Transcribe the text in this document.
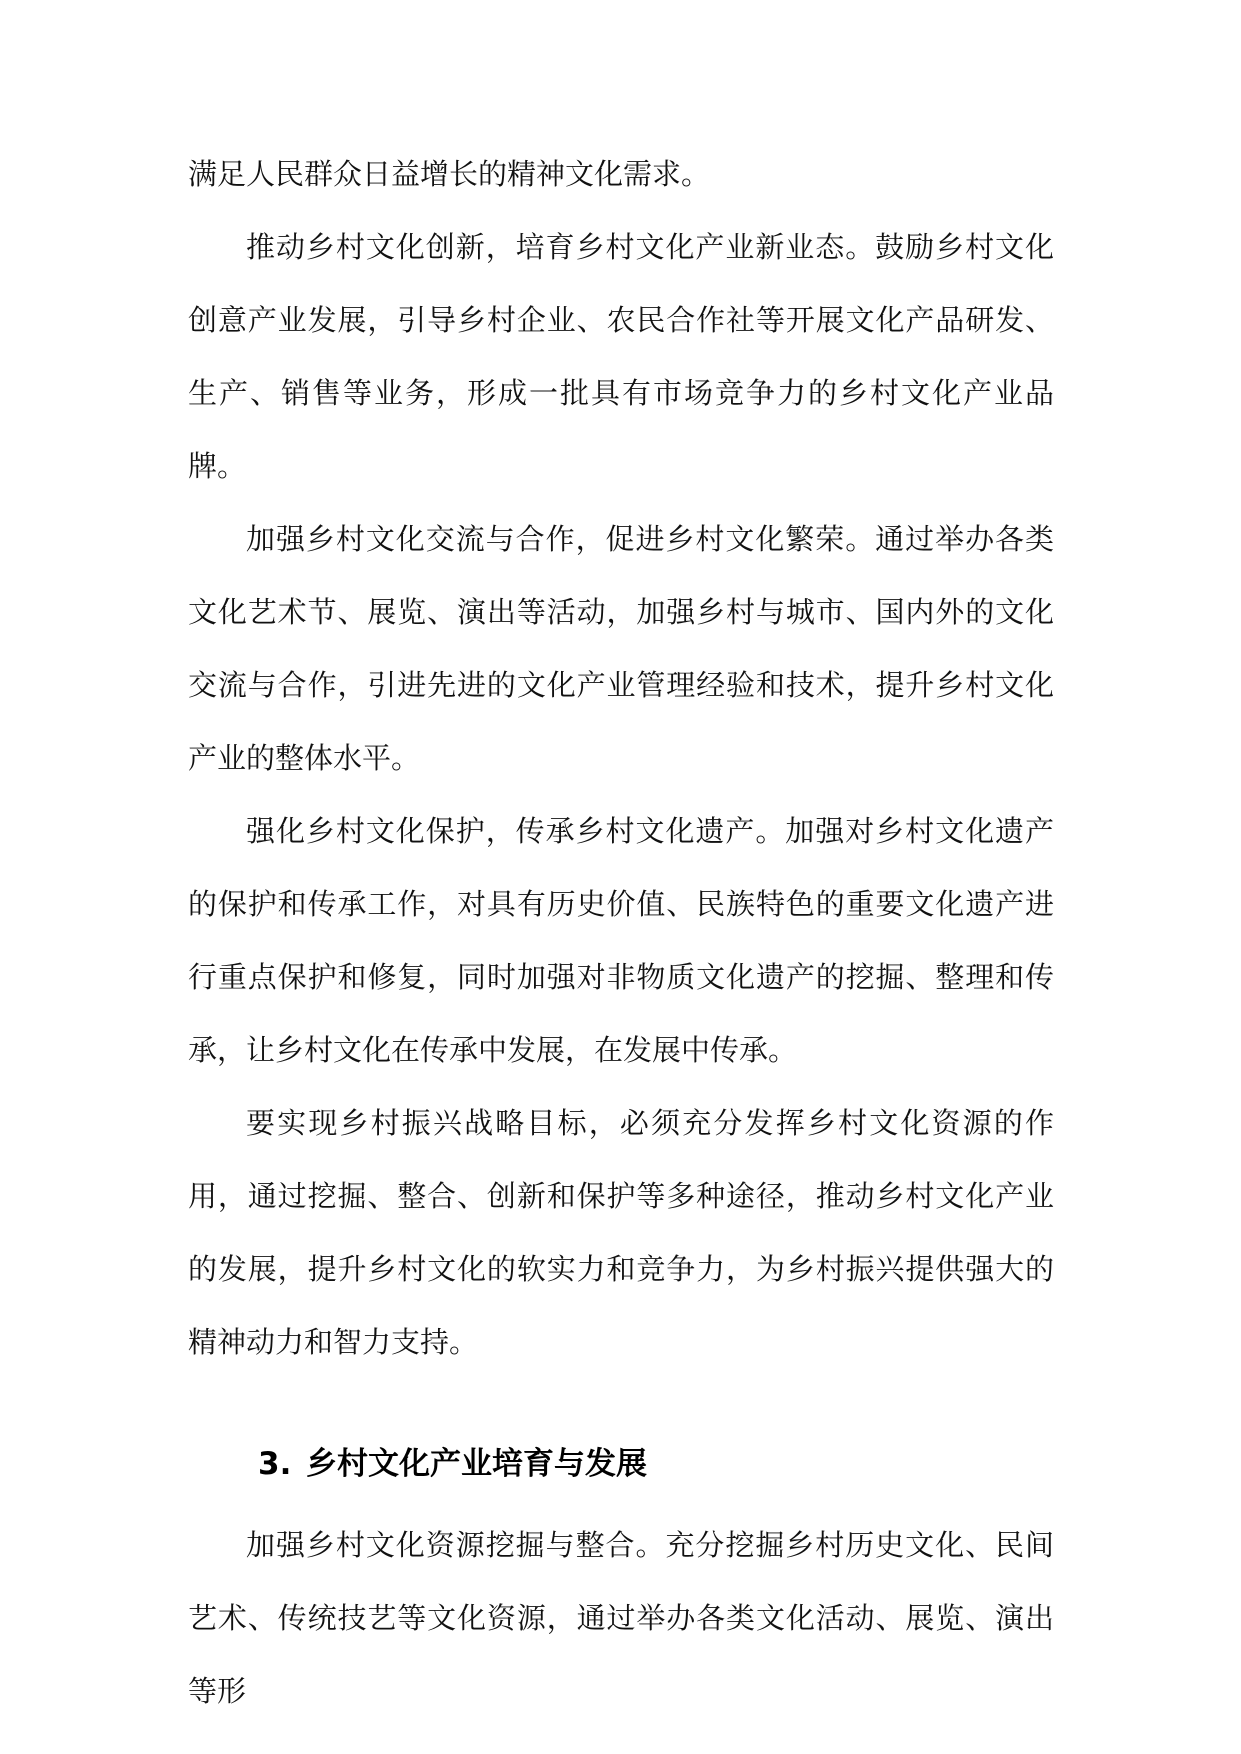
满足人民群众日益增长的精神文化需求。

推动乡村文化创新，培育乡村文化产业新业态。鼓励乡村文化创意产业发展，引导乡村企业、农民合作社等开展文化产品研发、生产、销售等业务，形成一批具有市场竞争力的乡村文化产业品牌。

加强乡村文化交流与合作，促进乡村文化繁荣。通过举办各类文化艺术节、展览、演出等活动，加强乡村与城市、国内外的文化交流与合作，引进先进的文化产业管理经验和技术，提升乡村文化产业的整体水平。

强化乡村文化保护，传承乡村文化遗产。加强对乡村文化遗产的保护和传承工作，对具有历史价值、民族特色的重要文化遗产进行重点保护和修复，同时加强对非物质文化遗产的挖掘、整理和传承，让乡村文化在传承中发展，在发展中传承。

要实现乡村振兴战略目标，必须充分发挥乡村文化资源的作用，通过挖掘、整合、创新和保护等多种途径，推动乡村文化产业的发展，提升乡村文化的软实力和竞争力，为乡村振兴提供强大的精神动力和智力支持。

3. 乡村文化产业培育与发展

加强乡村文化资源挖掘与整合。充分挖掘乡村历史文化、民间艺术、传统技艺等文化资源，通过举办各类文化活动、展览、演出等形
